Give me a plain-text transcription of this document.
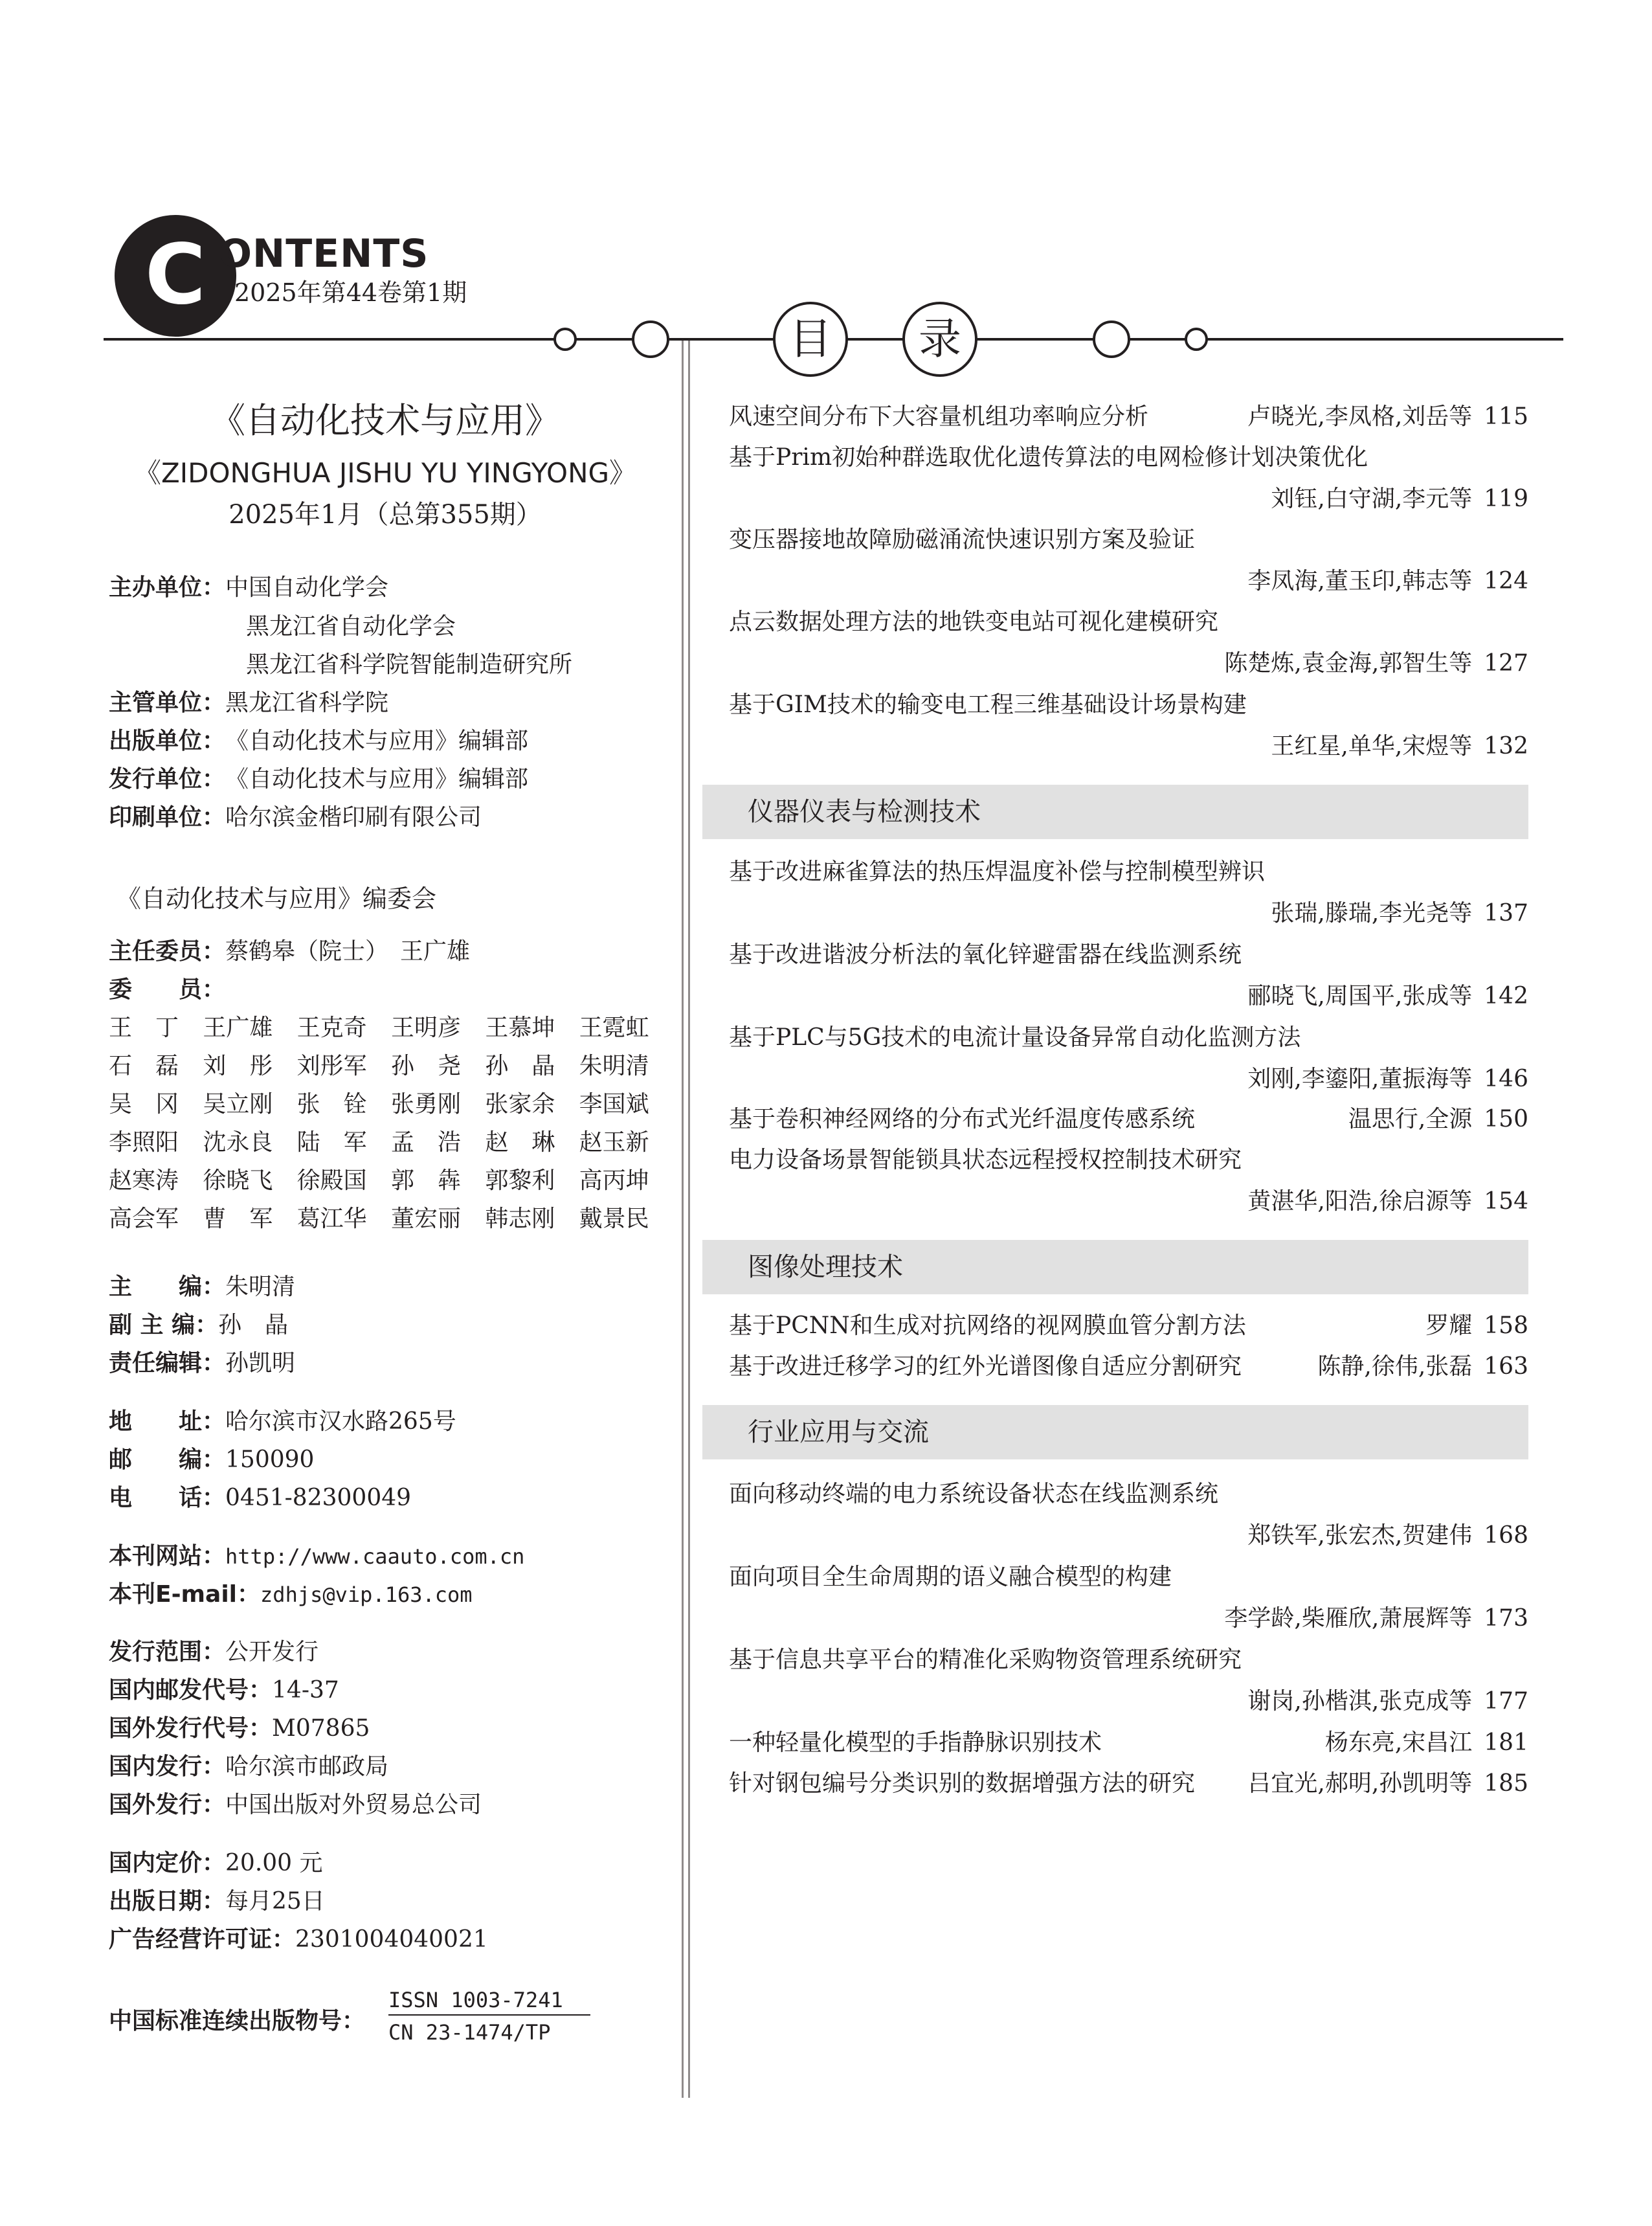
C ONTENTS
2025年第44卷第1期
目	录
《自动化技术与应用》
《ZIDONGHUA JISHU YU YINGYONG》
2025年1月（总第355期）
主办单位： 中国自动化学会
黑龙江省自动化学会
黑龙江省科学院智能制造研究所
主管单位： 黑龙江省科学院
出版单位： 《自动化技术与应用》编辑部
发行单位： 《自动化技术与应用》编辑部
印刷单位： 哈尔滨金楷印刷有限公司
《自动化技术与应用》编委会
主任委员： 蔡鹤皋（院士）　王广雄
委　　员：
王　丁	王广雄	王克奇	王明彦	王慕坤	王霓虹
石　磊	刘　彤	刘彤军	孙　尧	孙　晶	朱明清
吴　冈	吴立刚	张　铨	张勇刚	张家余	李国斌
李照阳	沈永良	陆　军	孟　浩	赵　琳	赵玉新
赵寒涛	徐晓飞	徐殿国	郭　犇	郭黎利	高丙坤
高会军	曹　军	葛江华	董宏丽	韩志刚	戴景民
主　　编： 朱明清
副 主 编： 孙　晶
责任编辑： 孙凯明
地　　址： 哈尔滨市汉水路265号
邮　　编： 150090
电　　话： 0451-82300049
本刊网站： http://www.caauto.com.cn
本刊E-mail： zdhjs@vip.163.com
发行范围： 公开发行
国内邮发代号： 14-37
国外发行代号： M07865
国内发行： 哈尔滨市邮政局
国外发行： 中国出版对外贸易总公司
国内定价： 20.00 元
出版日期： 每月25日
广告经营许可证： 2301004040021
中国标准连续出版物号：
ISSN 1003-7241
CN 23-1474/TP
风速空间分布下大容量机组功率响应分析	卢晓光,李凤格,刘岳等 115
基于Prim初始种群选取优化遗传算法的电网检修计划决策优化
刘钰,白守湖,李元等 119
变压器接地故障励磁涌流快速识别方案及验证
李凤海,董玉印,韩志等 124
点云数据处理方法的地铁变电站可视化建模研究
陈楚炼,袁金海,郭智生等 127
基于GIM技术的输变电工程三维基础设计场景构建
王红星,单华,宋煜等 132
仪器仪表与检测技术
基于改进麻雀算法的热压焊温度补偿与控制模型辨识
张瑞,滕瑞,李光尧等 137
基于改进谐波分析法的氧化锌避雷器在线监测系统
郦晓飞,周国平,张成等 142
基于PLC与5G技术的电流计量设备异常自动化监测方法
刘刚,李鎏阳,董振海等 146
基于卷积神经网络的分布式光纤温度传感系统	温思行,全源 150
电力设备场景智能锁具状态远程授权控制技术研究
黄湛华,阳浩,徐启源等 154
图像处理技术
基于PCNN和生成对抗网络的视网膜血管分割方法	罗耀 158
基于改进迁移学习的红外光谱图像自适应分割研究	陈静,徐伟,张磊 163
行业应用与交流
面向移动终端的电力系统设备状态在线监测系统
郑铁军,张宏杰,贺建伟 168
面向项目全生命周期的语义融合模型的构建
李学龄,柴雁欣,萧展辉等 173
基于信息共享平台的精准化采购物资管理系统研究
谢岗,孙楷淇,张克成等 177
一种轻量化模型的手指静脉识别技术	杨东亮,宋昌江 181
针对钢包编号分类识别的数据增强方法的研究 吕宜光,郝明,孙凯明等 185
